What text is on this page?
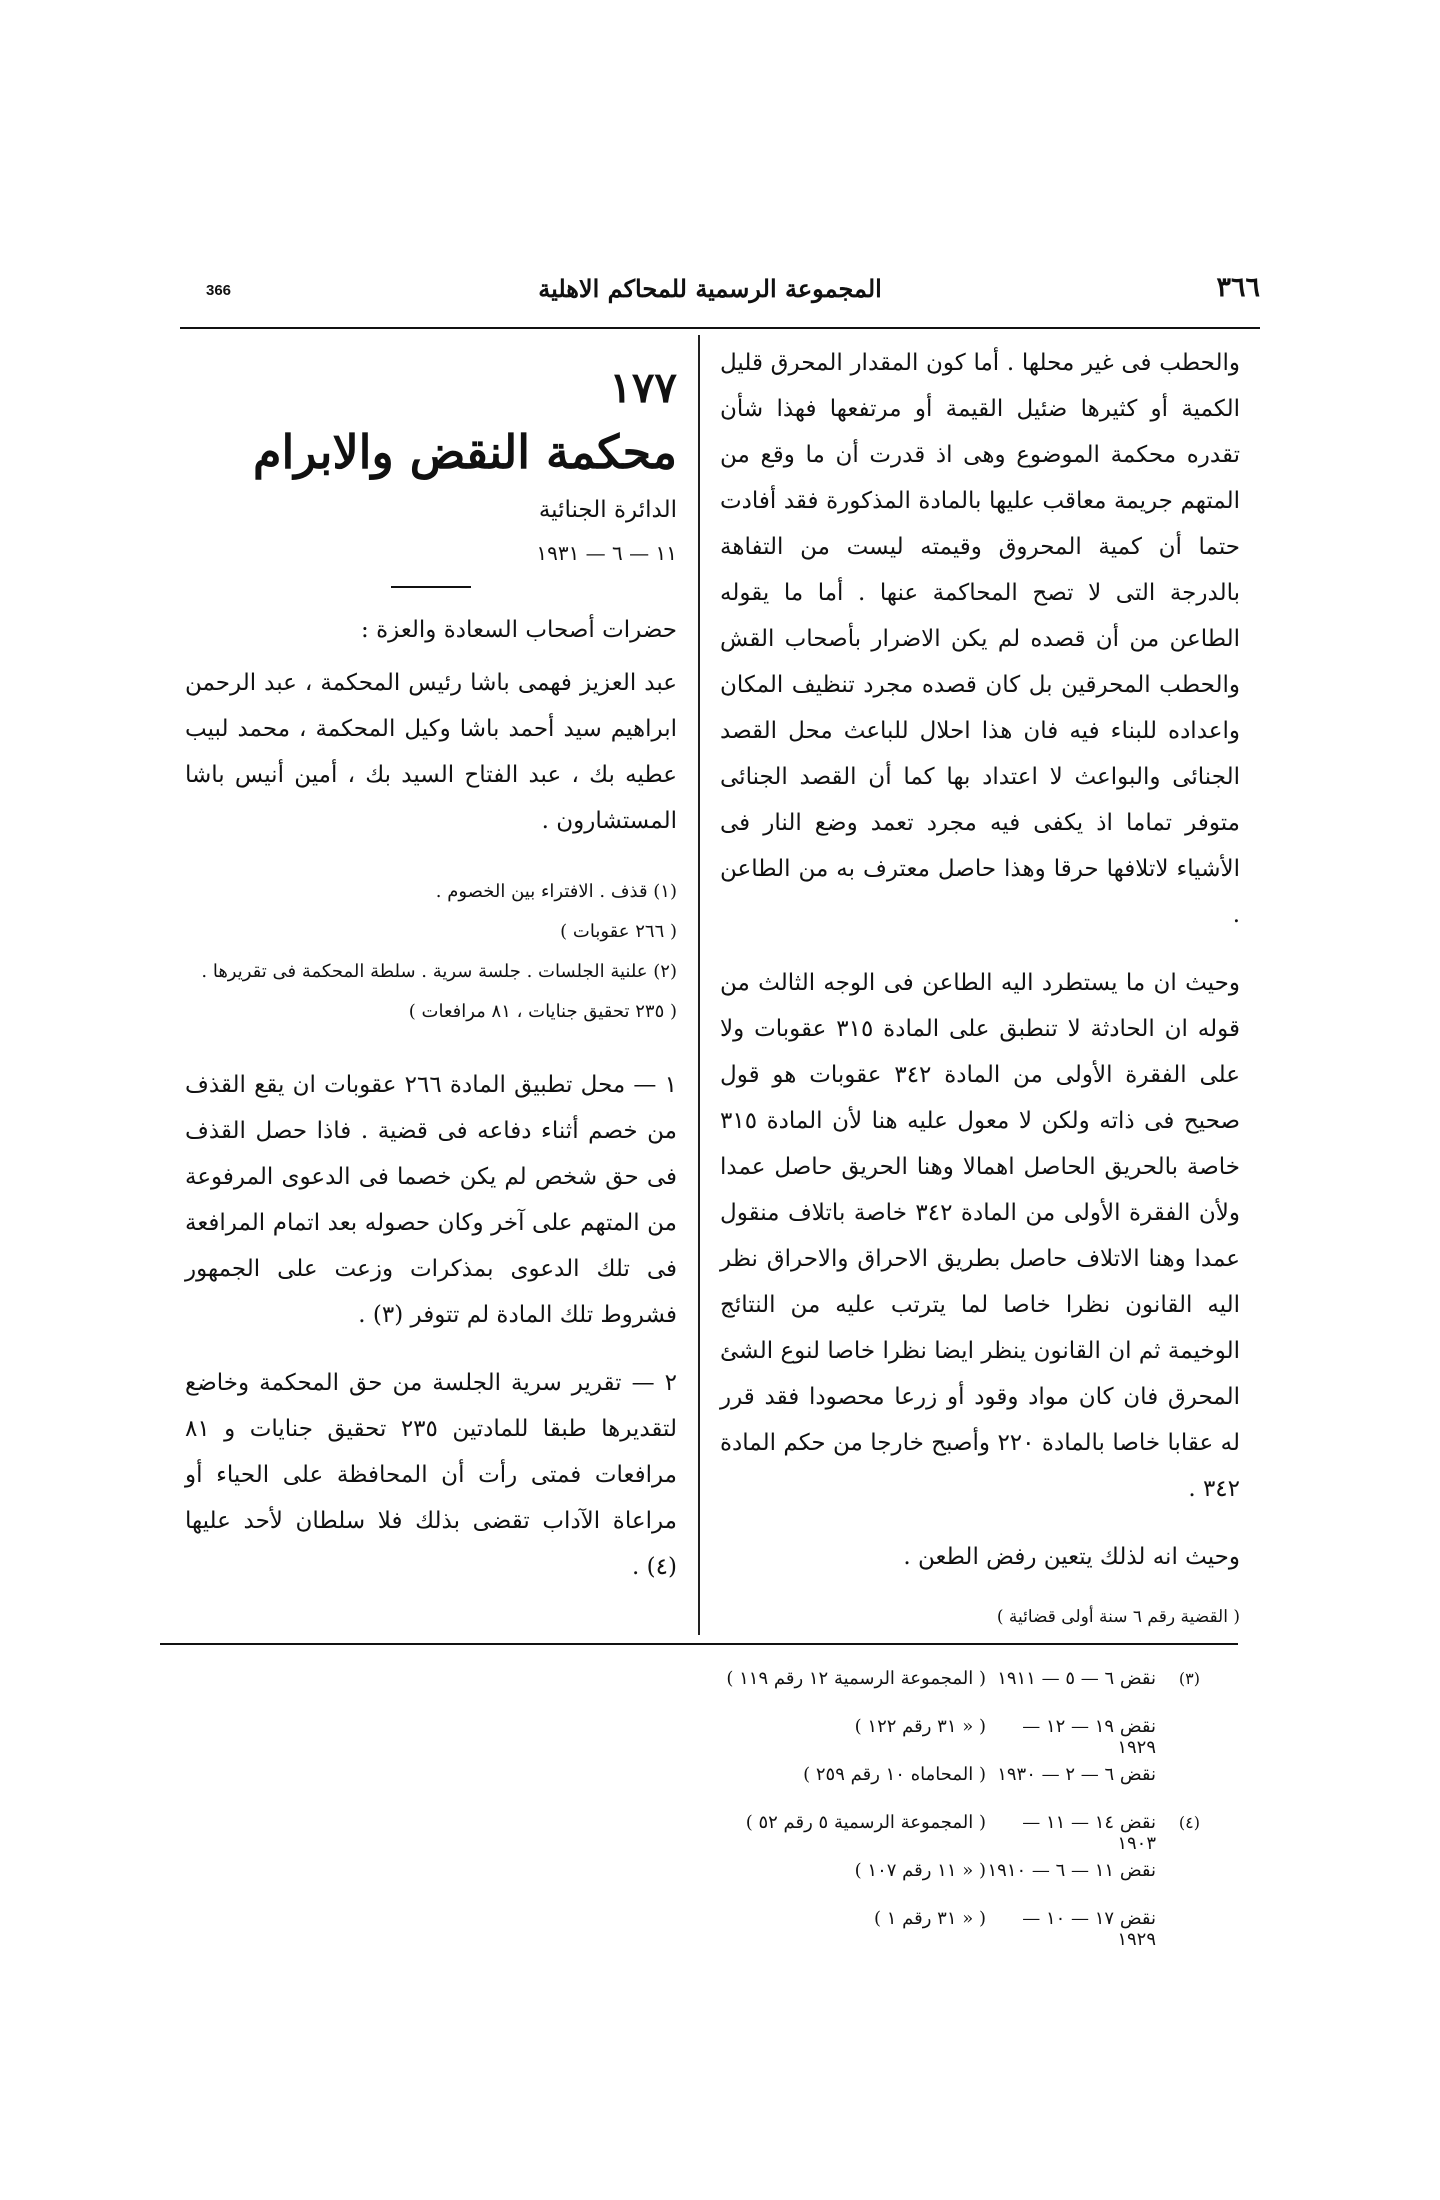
366	المجموعة الرسمية للمحاكم الاهلية	٣٦٦

والحطب فى غير محلها . أما كون المقدار المحرق قليل الكمية أو كثيرها ضئيل القيمة أو مرتفعها فهذا شأن تقدره محكمة الموضوع وهى اذ قدرت أن ما وقع من المتهم جريمة معاقب عليها بالمادة المذكورة فقد أفادت حتما أن كمية المحروق وقيمته ليست من التفاهة بالدرجة التى لا تصح المحاكمة عنها . أما ما يقوله الطاعن من أن قصده لم يكن الاضرار بأصحاب القش والحطب المحرقين بل كان قصده مجرد تنظيف المكان واعداده للبناء فيه فان هذا احلال للباعث محل القصد الجنائى والبواعث لا اعتداد بها كما أن القصد الجنائى متوفر تماما اذ يكفى فيه مجرد تعمد وضع النار فى الأشياء لاتلافها حرقا وهذا حاصل معترف به من الطاعن .

وحيث ان ما يستطرد اليه الطاعن فى الوجه الثالث من قوله ان الحادثة لا تنطبق على المادة ٣١٥ عقوبات ولا على الفقرة الأولى من المادة ٣٤٢ عقوبات هو قول صحيح فى ذاته ولكن لا معول عليه هنا لأن المادة ٣١٥ خاصة بالحريق الحاصل اهمالا وهنا الحريق حاصل عمدا ولأن الفقرة الأولى من المادة ٣٤٢ خاصة باتلاف منقول عمدا وهنا الاتلاف حاصل بطريق الاحراق والاحراق نظر اليه القانون نظرا خاصا لما يترتب عليه من النتائج الوخيمة ثم ان القانون ينظر ايضا نظرا خاصا لنوع الشئ المحرق فان كان مواد وقود أو زرعا محصودا فقد قرر له عقابا خاصا بالمادة ٢٢٠ وأصبح خارجا من حكم المادة ٣٤٢ .

وحيث انه لذلك يتعين رفض الطعن .

( القضية رقم ٦ سنة أولى قضائية )
١٧٧
محكمة النقض والابرام
الدائرة الجنائية
١١ — ٦ — ١٩٣١
حضرات أصحاب السعادة والعزة :

عبد العزيز فهمى باشا رئيس المحكمة ، عبد الرحمن ابراهيم سيد أحمد باشا وكيل المحكمة ، محمد لبيب عطيه بك ، عبد الفتاح السيد بك ، أمين أنيس باشا المستشارون .

(١) قذف . الافتراء بين الخصوم .
( ٢٦٦ عقوبات )
(٢) علنية الجلسات . جلسة سرية . سلطة المحكمة فى تقريرها .
( ٢٣٥ تحقيق جنايات ، ٨١ مرافعات )

١ — محل تطبيق المادة ٢٦٦ عقوبات ان يقع القذف من خصم أثناء دفاعه فى قضية . فاذا حصل القذف فى حق شخص لم يكن خصما فى الدعوى المرفوعة من المتهم على آخر وكان حصوله بعد اتمام المرافعة فى تلك الدعوى بمذكرات وزعت على الجمهور فشروط تلك المادة لم تتوفر (٣) .

٢ — تقرير سرية الجلسة من حق المحكمة وخاضع لتقديرها طبقا للمادتين ٢٣٥ تحقيق جنايات و ٨١ مرافعات فمتى رأت أن المحافظة على الحياء أو مراعاة الآداب تقضى بذلك فلا سلطان لأحد عليها (٤) .

(٣)
نقض ٦ — ٥ — ١٩١١
( المجموعة الرسمية ١٢ رقم ١١٩ )
نقض ١٩ — ١٢ — ١٩٢٩
( « ٣١ رقم ١٢٢ )
نقض ٦ — ٢ — ١٩٣٠
( المحاماه ١٠ رقم ٢٥٩ )
(٤)
نقض ١٤ — ١١ — ١٩٠٣
( المجموعة الرسمية ٥ رقم ٥٢ )
نقض ١١ — ٦ — ١٩١٠
( « ١١ رقم ١٠٧ )
نقض ١٧ — ١٠ — ١٩٢٩
( « ٣١ رقم ١ )
